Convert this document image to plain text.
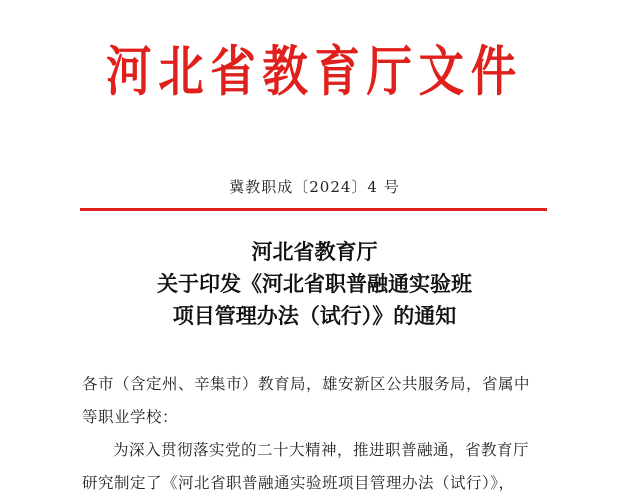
河北省教育厅文件
冀教职成〔2024〕4 号
河北省教育厅
关于印发《河北省职普融通实验班
项目管理办法（试行）》的通知

各市（含定州、辛集市）教育局，雄安新区公共服务局，省属中

等职业学校：

为深入贯彻落实党的二十大精神，推进职普融通，省教育厅

研究制定了《河北省职普融通实验班项目管理办法（试行）》，
